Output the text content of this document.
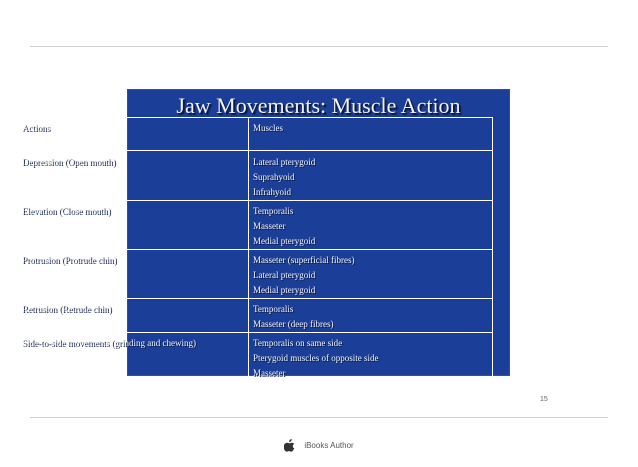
Jaw Movements: Muscle Action
Actions	Muscles

Depression (Open mouth)	Lateral pterygoid
Suprahyoid
Infrahyoid

Elevation (Close mouth)	Temporalis
Masseter
Medial pterygoid

Protrusion (Protrude chin)	Masseter (superficial fibres)
Lateral pterygoid
Medial pterygoid

Retrusion (Retrude chin)	Temporalis
Masseter (deep fibres)

Side-to-side movements (grinding and chewing)	Temporalis on same side
Pterygoid muscles of opposite side
Masseter
15
iBooks Author
